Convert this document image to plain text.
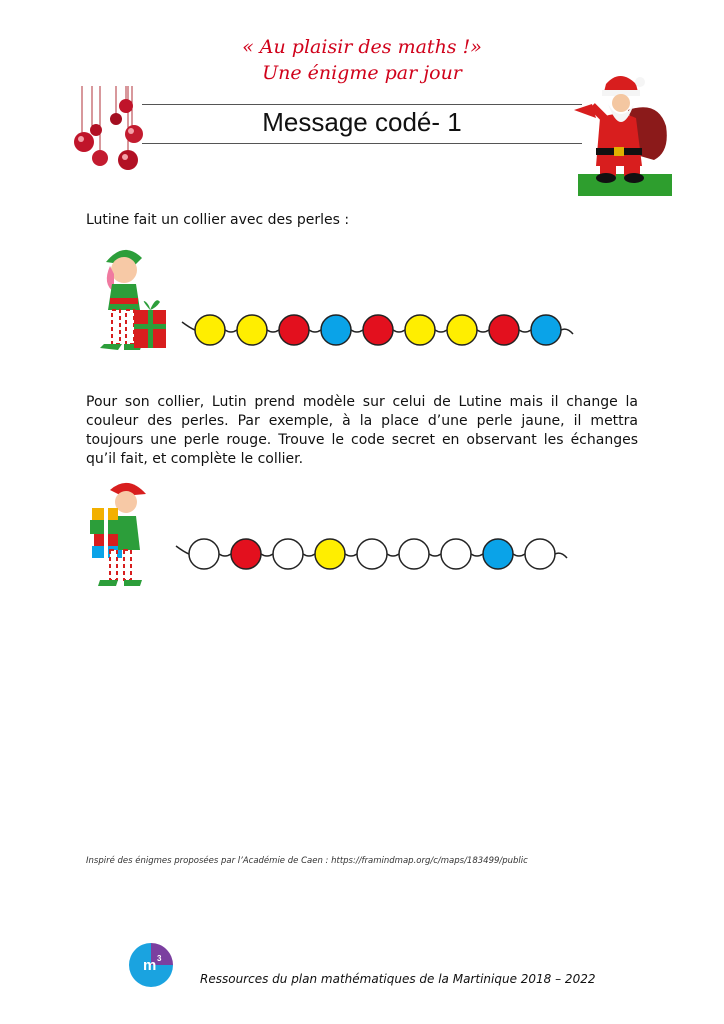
« Au plaisir des maths !»
Une énigme par jour
Message codé- 1
Lutine fait un collier avec des perles :
Pour son collier, Lutin prend modèle sur celui de Lutine mais il change la couleur des perles. Par exemple, à la place d’une perle jaune, il mettra toujours une perle rouge. Trouve le code secret en observant les échanges qu’il fait, et complète le collier.
Inspiré des énigmes proposées par l’Académie de Caen : https://framindmap.org/c/maps/183499/public
m 3
Ressources du plan mathématiques de la Martinique 2018 – 2022
